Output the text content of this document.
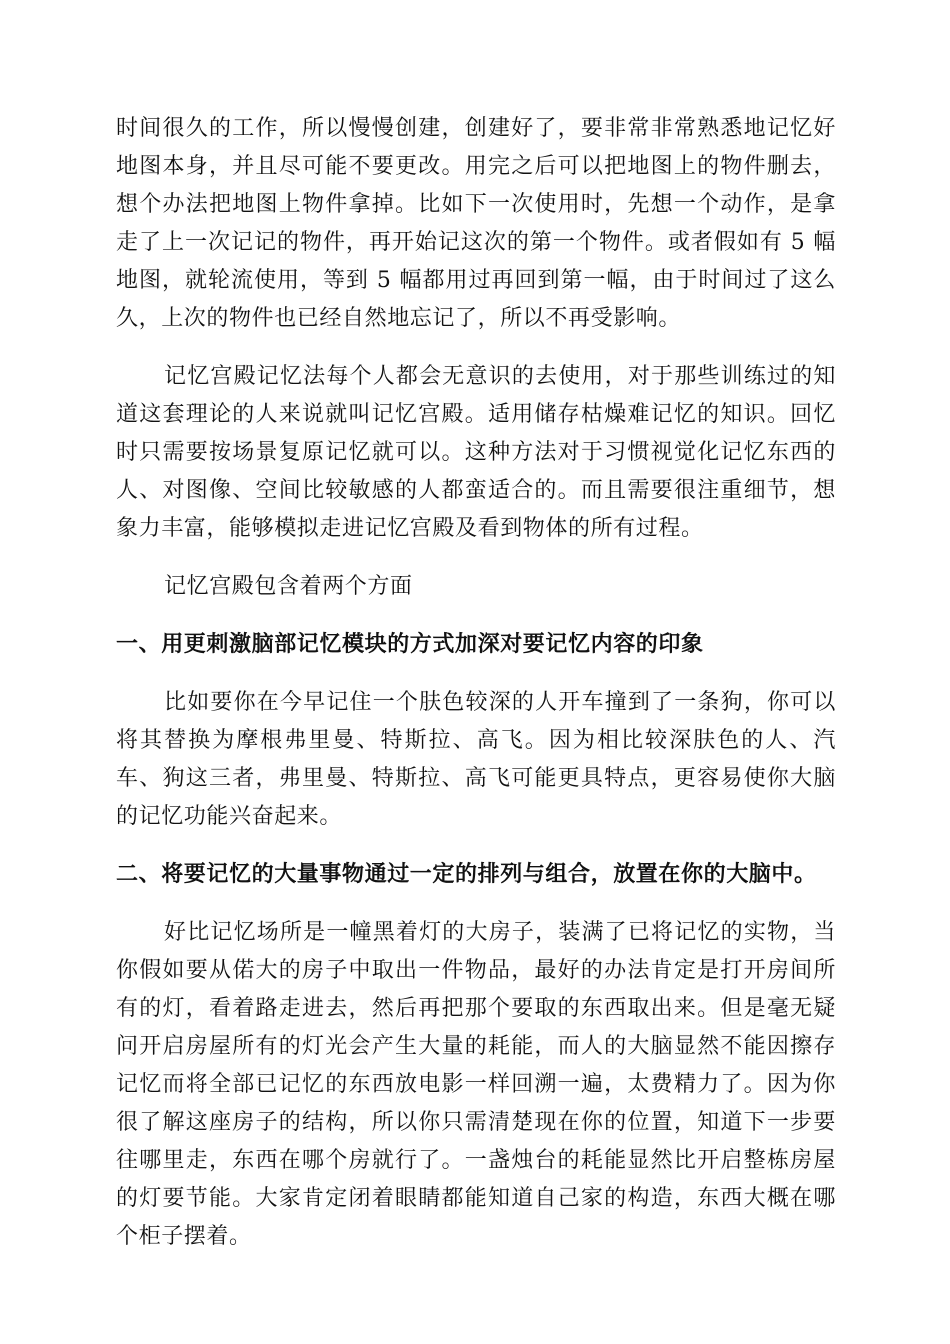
时间很久的工作，所以慢慢创建，创建好了，要非常非常熟悉地记忆好地图本身，并且尽可能不要更改。用完之后可以把地图上的物件删去，想个办法把地图上物件拿掉。比如下一次使用时，先想一个动作，是拿走了上一次记记的物件，再开始记这次的第一个物件。或者假如有 5 幅地图，就轮流使用，等到 5 幅都用过再回到第一幅，由于时间过了这么久，上次的物件也已经自然地忘记了，所以不再受影响。

记忆宫殿记忆法每个人都会无意识的去使用，对于那些训练过的知道这套理论的人来说就叫记忆宫殿。适用储存枯燥难记忆的知识。回忆时只需要按场景复原记忆就可以。这种方法对于习惯视觉化记忆东西的人、对图像、空间比较敏感的人都蛮适合的。而且需要很注重细节，想象力丰富，能够模拟走进记忆宫殿及看到物体的所有过程。

记忆宫殿包含着两个方面

一、用更刺激脑部记忆模块的方式加深对要记忆内容的印象

比如要你在今早记住一个肤色较深的人开车撞到了一条狗，你可以将其替换为摩根弗里曼、特斯拉、高飞。因为相比较深肤色的人、汽车、狗这三者，弗里曼、特斯拉、高飞可能更具特点，更容易使你大脑的记忆功能兴奋起来。

二、将要记忆的大量事物通过一定的排列与组合，放置在你的大脑中。

好比记忆场所是一幢黑着灯的大房子，装满了已将记忆的实物，当你假如要从偌大的房子中取出一件物品，最好的办法肯定是打开房间所有的灯，看着路走进去，然后再把那个要取的东西取出来。但是毫无疑问开启房屋所有的灯光会产生大量的耗能，而人的大脑显然不能因擦存记忆而将全部已记忆的东西放电影一样回溯一遍，太费精力了。因为你很了解这座房子的结构，所以你只需清楚现在你的位置，知道下一步要往哪里走，东西在哪个房就行了。一盏烛台的耗能显然比开启整栋房屋的灯要节能。大家肯定闭着眼睛都能知道自己家的构造，东西大概在哪个柜子摆着。
